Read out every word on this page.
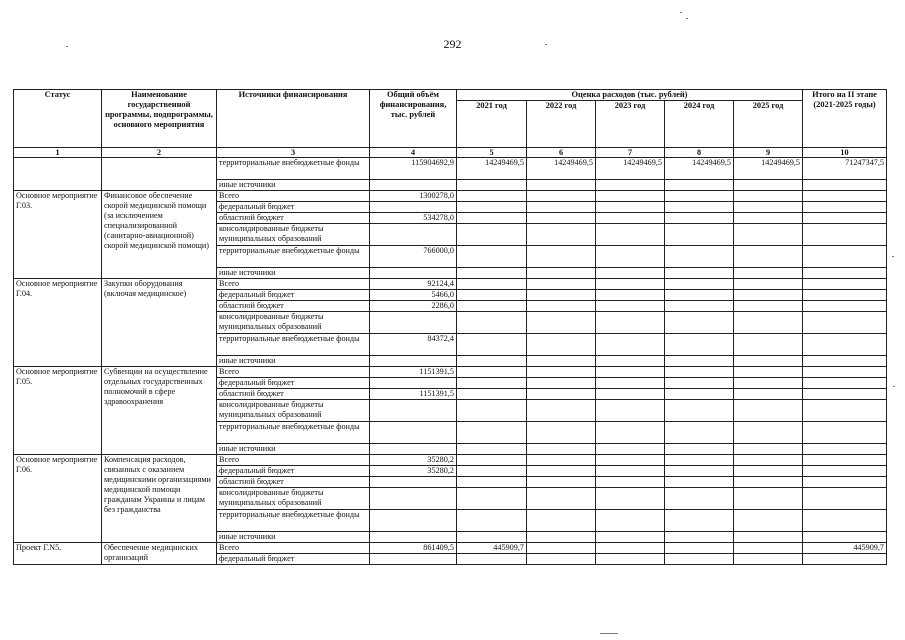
292
Статус	Наименование государственной программы, подпрограммы, основного мероприятия	Источники финансирования	Общий объём финансирования, тыс. рублей	Оценка расходов (тыс. рублей)					Итого на II этапе (2021-2025 годы)
				2021 год	2022 год	2023 год	2024 год	2025 год	
1	2	3	4	5	6	7	8	9	10
		территориальные внебюджетные фонды	115904692,9	14249469,5	14249469,5	14249469,5	14249469,5	14249469,5	71247347,5
		иные источники							
Основное мероприятие Г.03.	Финансовое обеспечение скорой медицинской помощи (за исключением специализированной (санитарно-авиационной) скорой медицинской помощи)	Всего	1300278,0						
		федеральный бюджет							
		областной бюджет	534278,0						
		консолидированные бюджеты муниципальных образований							
		территориальные внебюджетные фонды	766000,0						
		иные источники							
Основное мероприятие Г.04.	Закупки оборудования (включая медицинское)	Всего	92124,4						
		федеральный бюджет	5466,0						
		областной бюджет	2286,0						
		консолидированные бюджеты муниципальных образований							
		территориальные внебюджетные фонды	84372,4						
		иные источники							
Основное мероприятие Г.05.	Субвенции на осуществление отдельных государственных полномочий в сфере здравоохранения	Всего	1151391,5						
		федеральный бюджет							
		областной бюджет	1151391,5						
		консолидированные бюджеты муниципальных образований							
		территориальные внебюджетные фонды							
		иные источники							
Основное мероприятие Г.06.	Компенсация расходов, связанных с оказанием медицинскими организациями медицинской помощи гражданам Украины и лицам без гражданства	Всего	35280,2						
		федеральный бюджет	35280,2						
		областной бюджет							
		консолидированные бюджеты муниципальных образований							
		территориальные внебюджетные фонды							
		иные источники							
Проект Г.N5.	Обеспечение медицинских организаций	Всего	861409,5	445909,7					445909,7
		федеральный бюджет							
